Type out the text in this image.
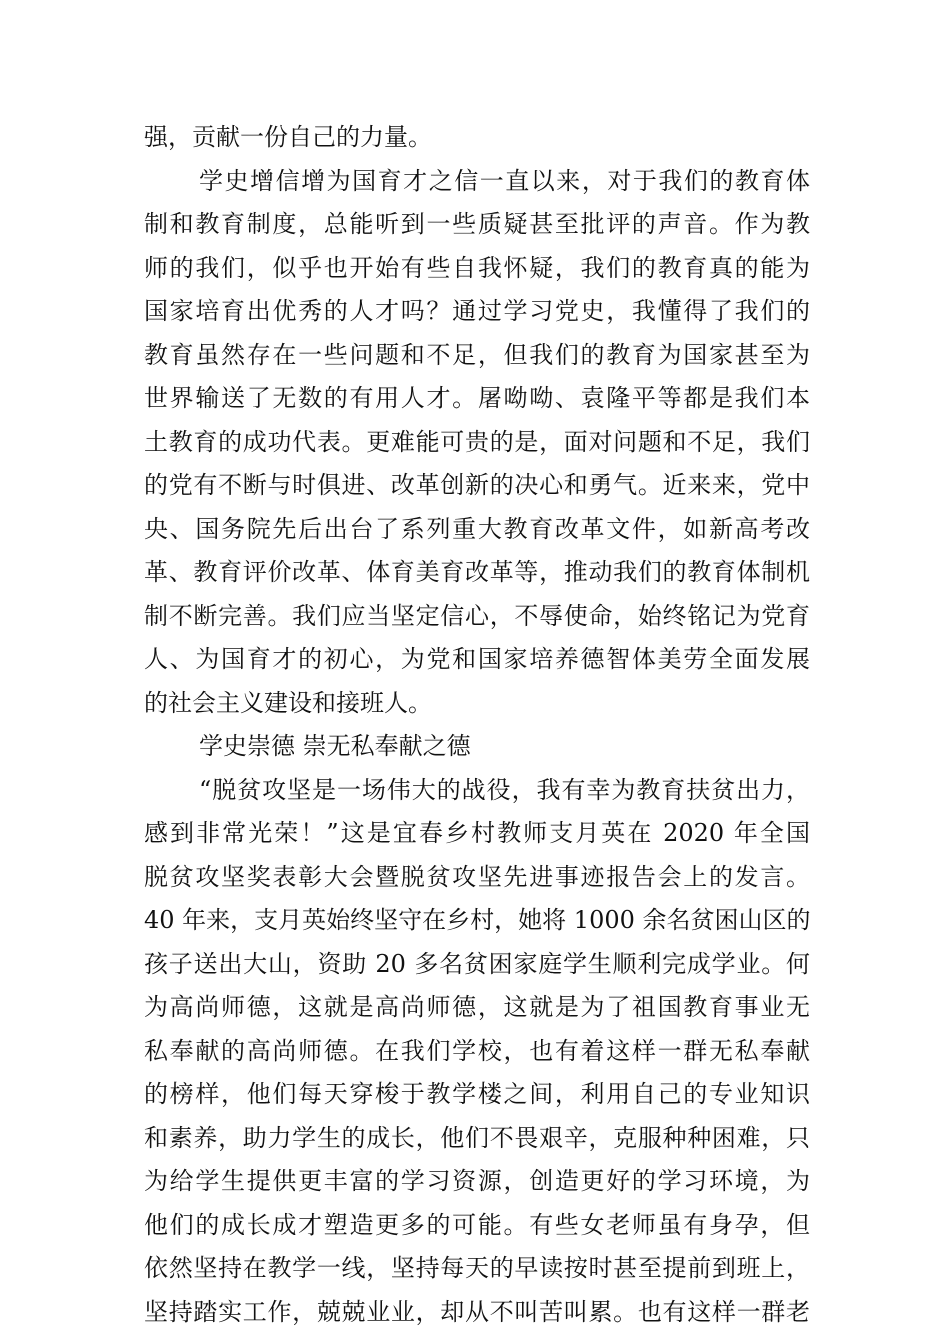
强，贡献一份自己的力量。
学史增信增为国育才之信一直以来，对于我们的教育体
制和教育制度，总能听到一些质疑甚至批评的声音。作为教
师的我们，似乎也开始有些自我怀疑，我们的教育真的能为
国家培育出优秀的人才吗？通过学习党史，我懂得了我们的
教育虽然存在一些问题和不足，但我们的教育为国家甚至为
世界输送了无数的有用人才。屠呦呦、袁隆平等都是我们本
土教育的成功代表。更难能可贵的是，面对问题和不足，我们
的党有不断与时俱进、改革创新的决心和勇气。近来来，党中
央、国务院先后出台了系列重大教育改革文件，如新高考改
革、教育评价改革、体育美育改革等，推动我们的教育体制机
制不断完善。我们应当坚定信心，不辱使命，始终铭记为党育
人、为国育才的初心，为党和国家培养德智体美劳全面发展
的社会主义建设和接班人。
学史崇德 崇无私奉献之德
“脱贫攻坚是一场伟大的战役，我有幸为教育扶贫出力，
感到非常光荣！”这是宜春乡村教师支月英在 2020 年全国
脱贫攻坚奖表彰大会暨脱贫攻坚先进事迹报告会上的发言。
40 年来，支月英始终坚守在乡村，她将 1000 余名贫困山区的
孩子送出大山，资助 20 多名贫困家庭学生顺利完成学业。何
为高尚师德，这就是高尚师德，这就是为了祖国教育事业无
私奉献的高尚师德。在我们学校，也有着这样一群无私奉献
的榜样，他们每天穿梭于教学楼之间，利用自己的专业知识
和素养，助力学生的成长，他们不畏艰辛，克服种种困难，只
为给学生提供更丰富的学习资源，创造更好的学习环境，为
他们的成长成才塑造更多的可能。有些女老师虽有身孕，但
依然坚持在教学一线，坚持每天的早读按时甚至提前到班上，
坚持踏实工作，兢兢业业，却从不叫苦叫累。也有这样一群老
